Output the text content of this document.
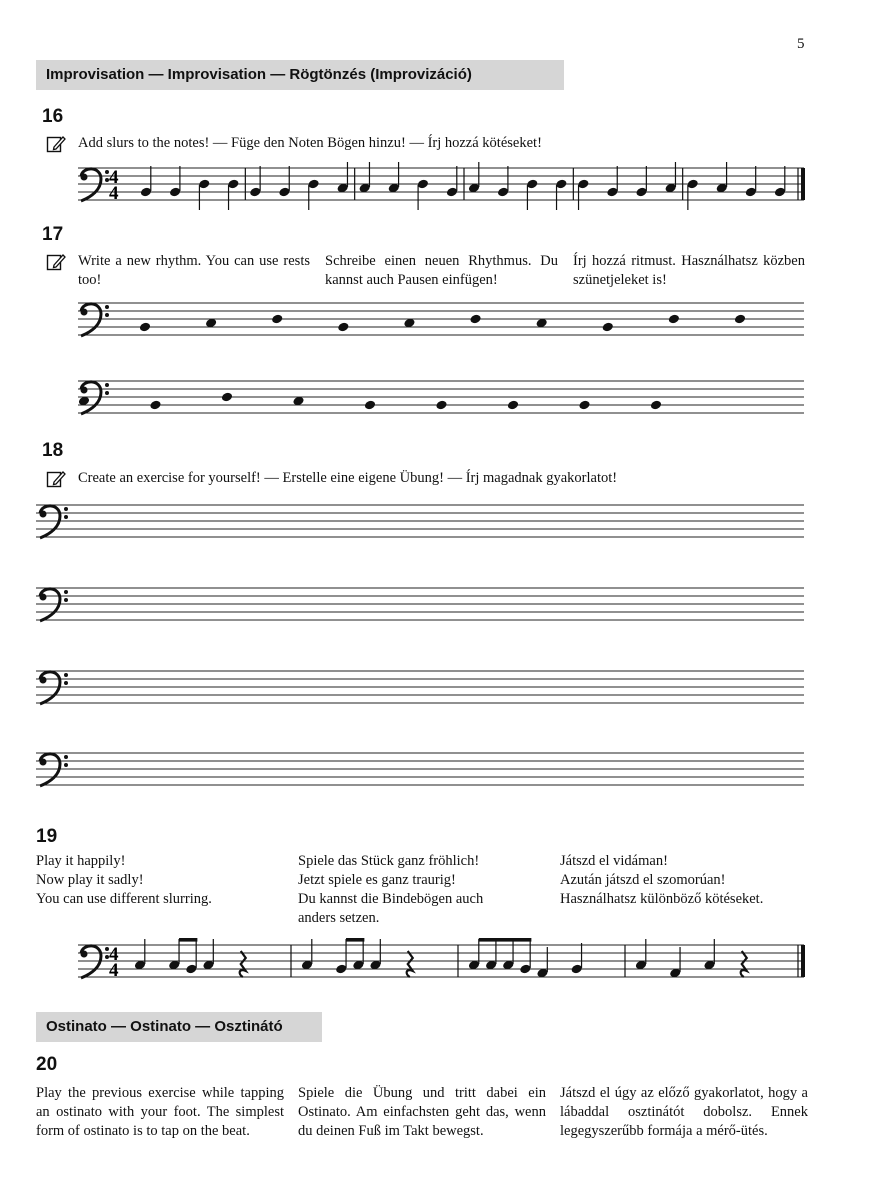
5
Improvisation — Improvisation — Rögtönzés (Improvizáció)
16
Add slurs to the notes! — Füge den Noten Bögen hinzu! — Írj hozzá kötéseket!
4
4
4
4
17
Write a new rhythm. You can use rests too!
Schreibe einen neuen Rhythmus. Du kannst auch Pausen einfügen!
Írj hozzá ritmust. Használhatsz közben szünetjeleket is!
18
Create an exercise for yourself! — Erstelle eine eigene Übung! — Írj magadnak gyakorlatot!
19
Play it happily!
Now play it sadly!
You can use different slurring.
Spiele das Stück ganz fröhlich!
Jetzt spiele es ganz traurig!
Du kannst die Bindebögen auch
anders setzen.
Játszd el vidáman!
Azután játszd el szomorúan!
Használhatsz különböző kötéseket.
Ostinato — Ostinato — Osztinátó
20
Play the previous exercise while tapping an ostinato with your foot. The simplest form of ostinato is to tap on the beat.
Spiele die Übung und tritt dabei ein Ostinato. Am einfachsten geht das, wenn du deinen Fuß im Takt bewegst.
Játszd el úgy az előző gyakorlatot, hogy a lábaddal osztinátót dobolsz. Ennek legegyszerűbb formája a mérő-ütés.
